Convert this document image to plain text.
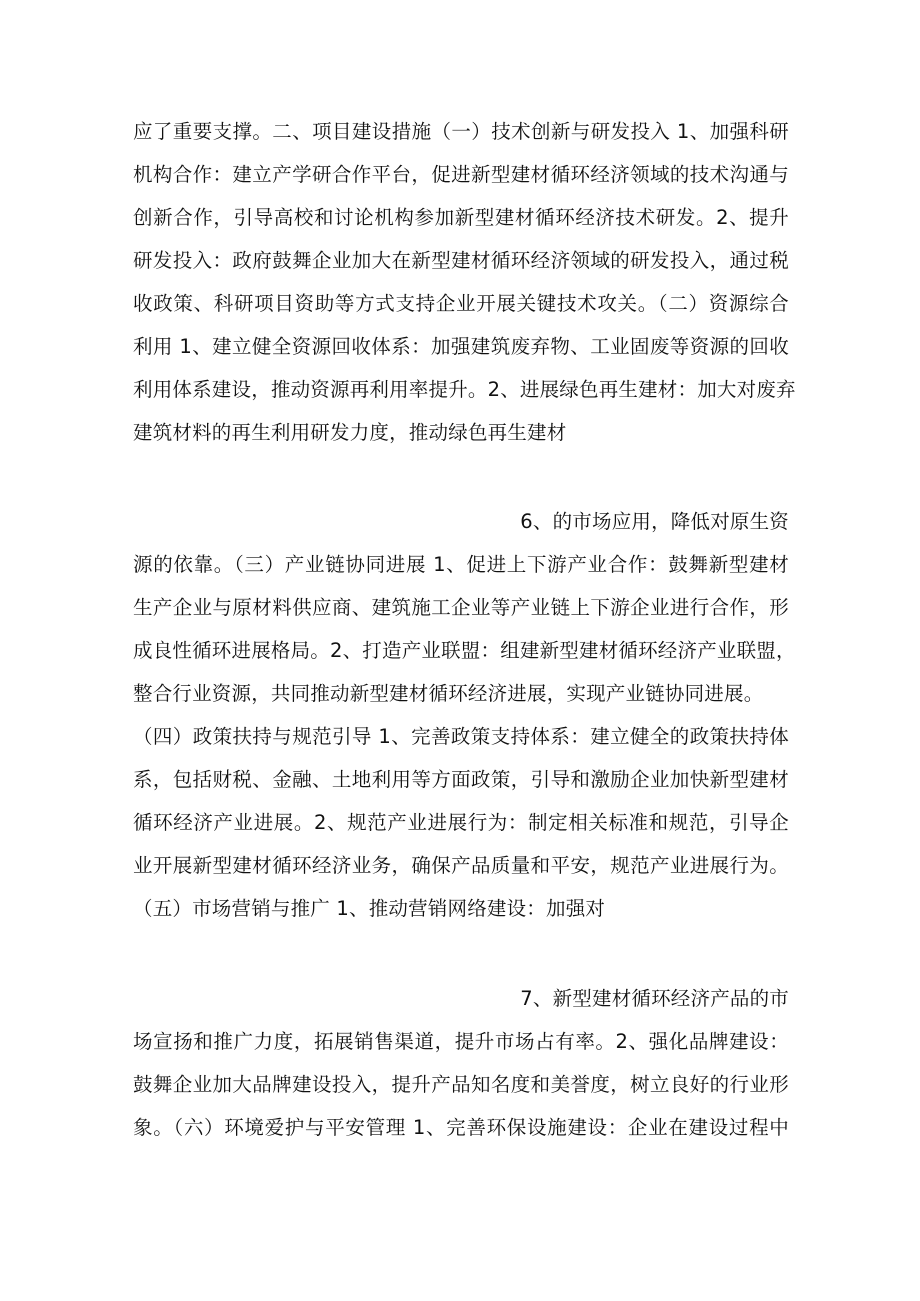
应了重要支撑。二、项目建设措施（一）技术创新与研发投入 1、加强科研
机构合作：建立产学研合作平台，促进新型建材循环经济领域的技术沟通与
创新合作，引导高校和讨论机构参加新型建材循环经济技术研发。2、提升
研发投入：政府鼓舞企业加大在新型建材循环经济领域的研发投入，通过税
收政策、科研项目资助等方式支持企业开展关键技术攻关。（二）资源综合
利用 1、建立健全资源回收体系：加强建筑废弃物、工业固废等资源的回收
利用体系建设，推动资源再利用率提升。2、进展绿色再生建材：加大对废弃
建筑材料的再生利用研发力度，推动绿色再生建材
6、的市场应用，降低对原生资
源的依靠。（三）产业链协同进展 1、促进上下游产业合作：鼓舞新型建材
生产企业与原材料供应商、建筑施工企业等产业链上下游企业进行合作，形
成良性循环进展格局。2、打造产业联盟：组建新型建材循环经济产业联盟，
整合行业资源，共同推动新型建材循环经济进展，实现产业链协同进展。
（四）政策扶持与规范引导 1、完善政策支持体系：建立健全的政策扶持体
系，包括财税、金融、土地利用等方面政策，引导和激励企业加快新型建材
循环经济产业进展。2、规范产业进展行为：制定相关标准和规范，引导企
业开展新型建材循环经济业务，确保产品质量和平安，规范产业进展行为。
（五）市场营销与推广 1、推动营销网络建设：加强对
7、新型建材循环经济产品的市
场宣扬和推广力度，拓展销售渠道，提升市场占有率。2、强化品牌建设：
鼓舞企业加大品牌建设投入，提升产品知名度和美誉度，树立良好的行业形
象。（六）环境爱护与平安管理 1、完善环保设施建设：企业在建设过程中
